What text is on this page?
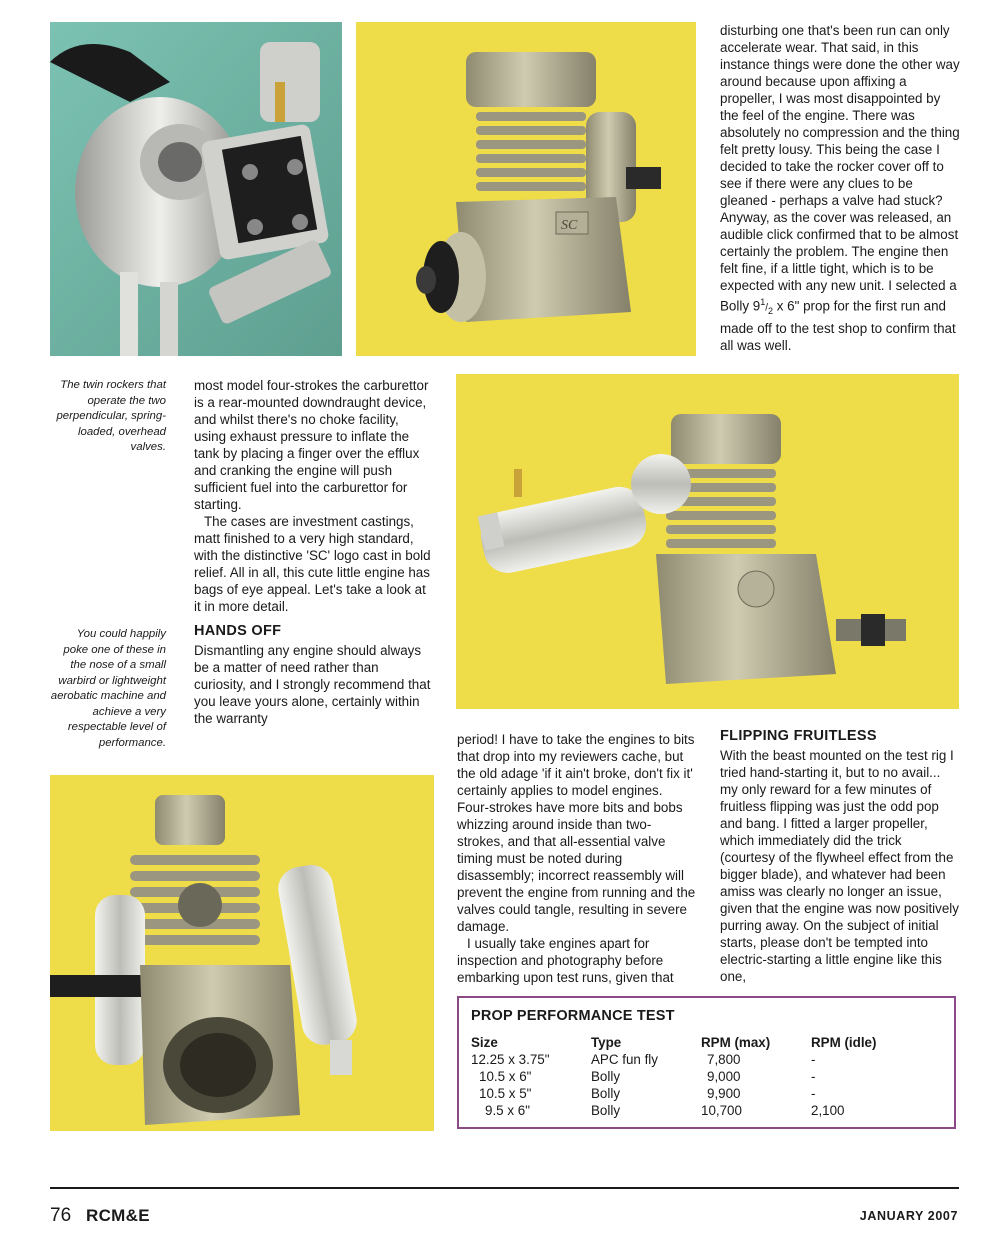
SC

disturbing one that's been run can only accelerate wear. That said, in this instance things were done the other way around because upon affixing a propeller, I was most disappointed by the feel of the engine. There was absolutely no compression and the thing felt pretty lousy. This being the case I decided to take the rocker cover off to see if there were any clues to be gleaned - perhaps a valve had stuck? Anyway, as the cover was released, an audible click confirmed that to be almost certainly the problem. The engine then felt fine, if a little tight, which is to be expected with any new unit. I selected a Bolly $9^1/_2$ x 6" prop for the first run and made off to the test shop to confirm that all was well.

The twin rockers that operate the two perpendicular, spring-loaded, overhead valves.
You could happily poke one of these in the nose of a small warbird or lightweight aerobatic machine and achieve a very respectable level of performance.

most model four-strokes the carburettor is a rear-mounted downdraught device, and whilst there's no choke facility, using exhaust pressure to inflate the tank by placing a finger over the efflux and cranking the engine will push sufficient fuel into the carburettor for starting.

The cases are investment castings, matt finished to a very high standard, with the distinctive 'SC' logo cast in bold relief. All in all, this cute little engine has bags of eye appeal. Let's take a look at it in more detail.

HANDS OFF

Dismantling any engine should always be a matter of need rather than curiosity, and I strongly recommend that you leave yours alone, certainly within the warranty

period! I have to take the engines to bits that drop into my reviewers cache, but the old adage 'if it ain't broke, don't fix it' certainly applies to model engines. Four-strokes have more bits and bobs whizzing around inside than two-strokes, and that all-essential valve timing must be noted during disassembly; incorrect reassembly will prevent the engine from running and the valves could tangle, resulting in severe damage.

I usually take engines apart for inspection and photography before embarking upon test runs, given that

FLIPPING FRUITLESS

With the beast mounted on the test rig I tried hand-starting it, but to no avail... my only reward for a few minutes of fruitless flipping was just the odd pop and bang. I fitted a larger propeller, which immediately did the trick (courtesy of the flywheel effect from the bigger blade), and whatever had been amiss was clearly no longer an issue, given that the engine was now positively purring away. On the subject of initial starts, please don't be tempted into electric-starting a little engine like this one,

PROP PERFORMANCE TEST
Size	Type	RPM (max)	RPM (idle)
12.25 x 3.75"	APC fun fly	7,800	-
10.5 x 6"	Bolly	9,000	-
10.5 x 5"	Bolly	9,900	-
9.5 x 6"	Bolly	10,700	2,100
76 RCM&E	JANUARY 2007
